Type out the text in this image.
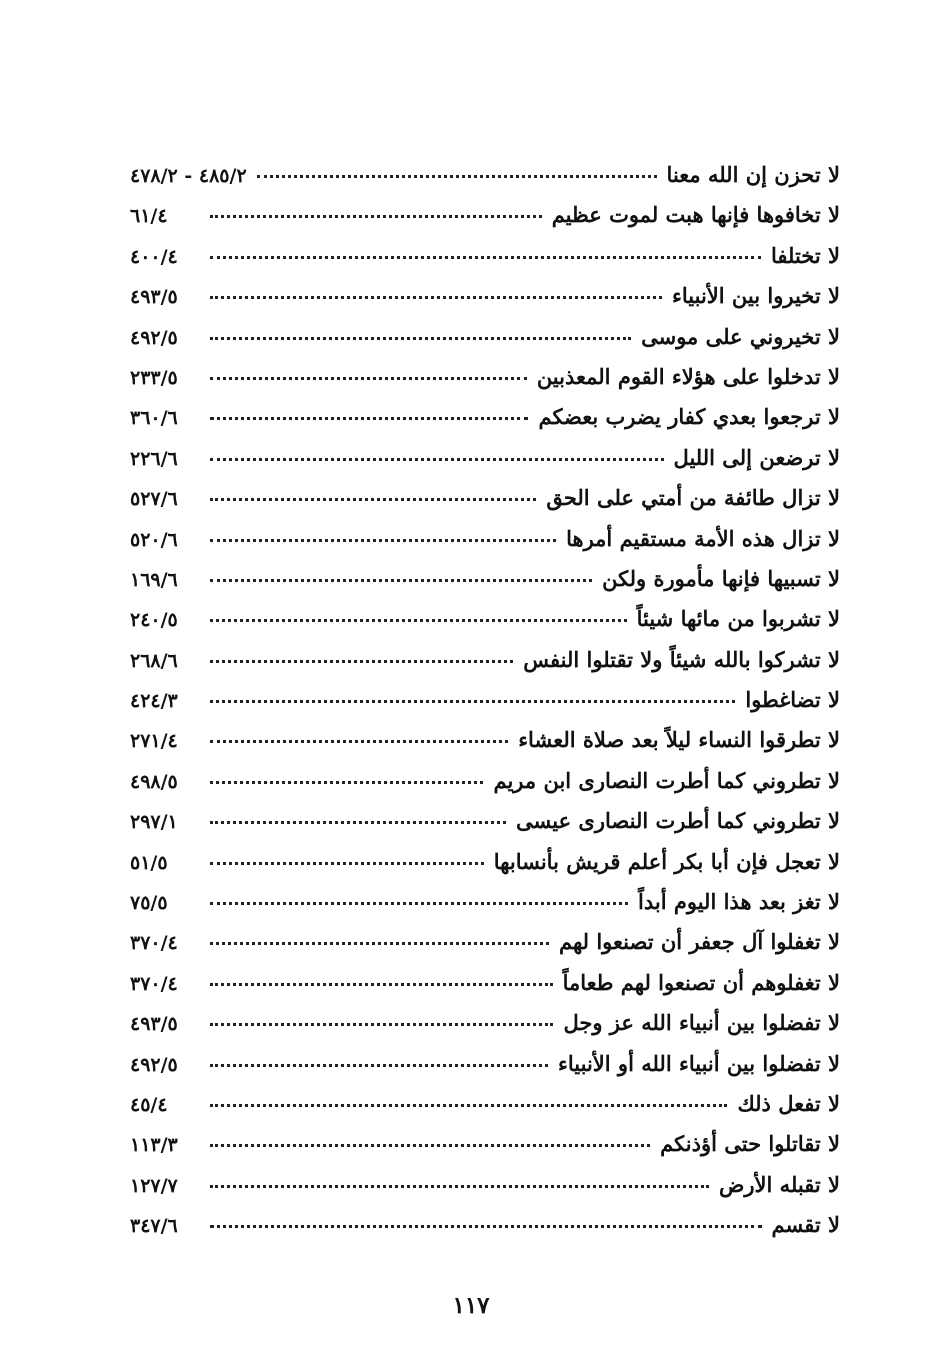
لا تحزن إن الله معنا
٤٨٥/٢ - ٤٧٨/٢
لا تخافوها فإنها هبت لموت عظيم
٦١/٤
لا تختلفا
٤٠٠/٤
لا تخيروا بين الأنبياء
٤٩٣/٥
لا تخيروني على موسى
٤٩٢/٥
لا تدخلوا على هؤلاء القوم المعذبين
٢٣٣/٥
لا ترجعوا بعدي كفار يضرب بعضكم
٣٦٠/٦
لا ترضعن إلى الليل
٢٢٦/٦
لا تزال طائفة من أمتي على الحق
٥٢٧/٦
لا تزال هذه الأمة مستقيم أمرها
٥٢٠/٦
لا تسبيها فإنها مأمورة ولكن
١٦٩/٦
لا تشربوا من مائها شيئاً
٢٤٠/٥
لا تشركوا بالله شيئاً ولا تقتلوا النفس
٢٦٨/٦
لا تضاغطوا
٤٢٤/٣
لا تطرقوا النساء ليلاً بعد صلاة العشاء
٢٧١/٤
لا تطروني كما أطرت النصارى ابن مريم
٤٩٨/٥
لا تطروني كما أطرت النصارى عيسى
٢٩٧/١
لا تعجل فإن أبا بكر أعلم قريش بأنسابها
٥١/٥
لا تغز بعد هذا اليوم أبداً
٧٥/٥
لا تغفلوا آل جعفر أن تصنعوا لهم
٣٧٠/٤
لا تغفلوهم أن تصنعوا لهم طعاماً
٣٧٠/٤
لا تفضلوا بين أنبياء الله عز وجل
٤٩٣/٥
لا تفضلوا بين أنبياء الله أو الأنبياء
٤٩٢/٥
لا تفعل ذلك
٤٥/٤
لا تقاتلوا حتى أؤذنكم
١١٣/٣
لا تقبله الأرض
١٢٧/٧
لا تقسم
٣٤٧/٦
١١٧
